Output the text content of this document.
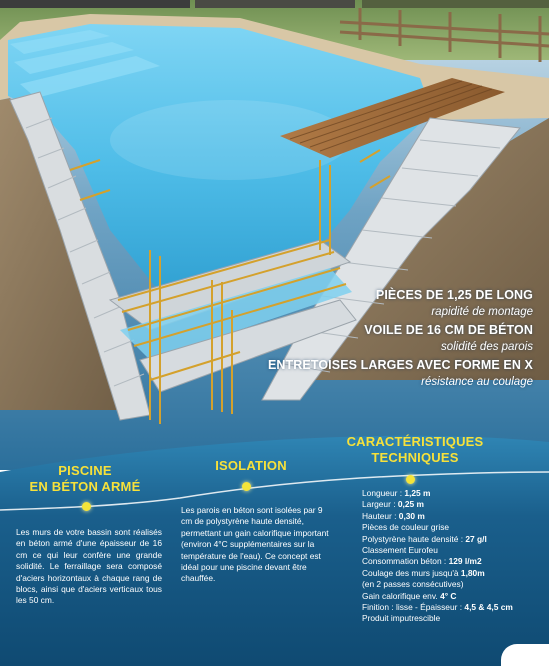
PIÈCES DE 1,25 DE LONG
rapidité de montage
VOILE DE 16 CM DE BÉTON
solidité des parois
ENTRETOISES LARGES AVEC FORME EN X
résistance au coulage
PISCINE
EN BÉTON ARMÉ
ISOLATION
CARACTÉRISTIQUES
TECHNIQUES
Les murs de votre bassin sont réalisés en béton armé d'une épaisseur de 16 cm ce qui leur confère une grande solidité. Le ferraillage sera composé d'aciers horizontaux à chaque rang de blocs, ainsi que d'aciers verticaux tous les 50 cm.
Les parois en béton sont isolées par 9 cm de polystyrène haute densité, permettant un gain calorifique important (environ 4°C supplémentaires sur la température de l'eau). Ce concept est idéal pour une piscine devant être chauffée.
Longueur : 1,25 m
Largeur : 0,25 m
Hauteur : 0,30 m
Pièces de couleur grise
Polystyrène haute densité : 27 g/l
Classement Eurofeu
Consommation béton : 129 l/m2
Coulage des murs jusqu'à 1,80m
(en 2 passes consécutives)
Gain calorifique env. 4° C
Finition : lisse - Épaisseur : 4,5 & 4,5 cm
Produit imputrescible
